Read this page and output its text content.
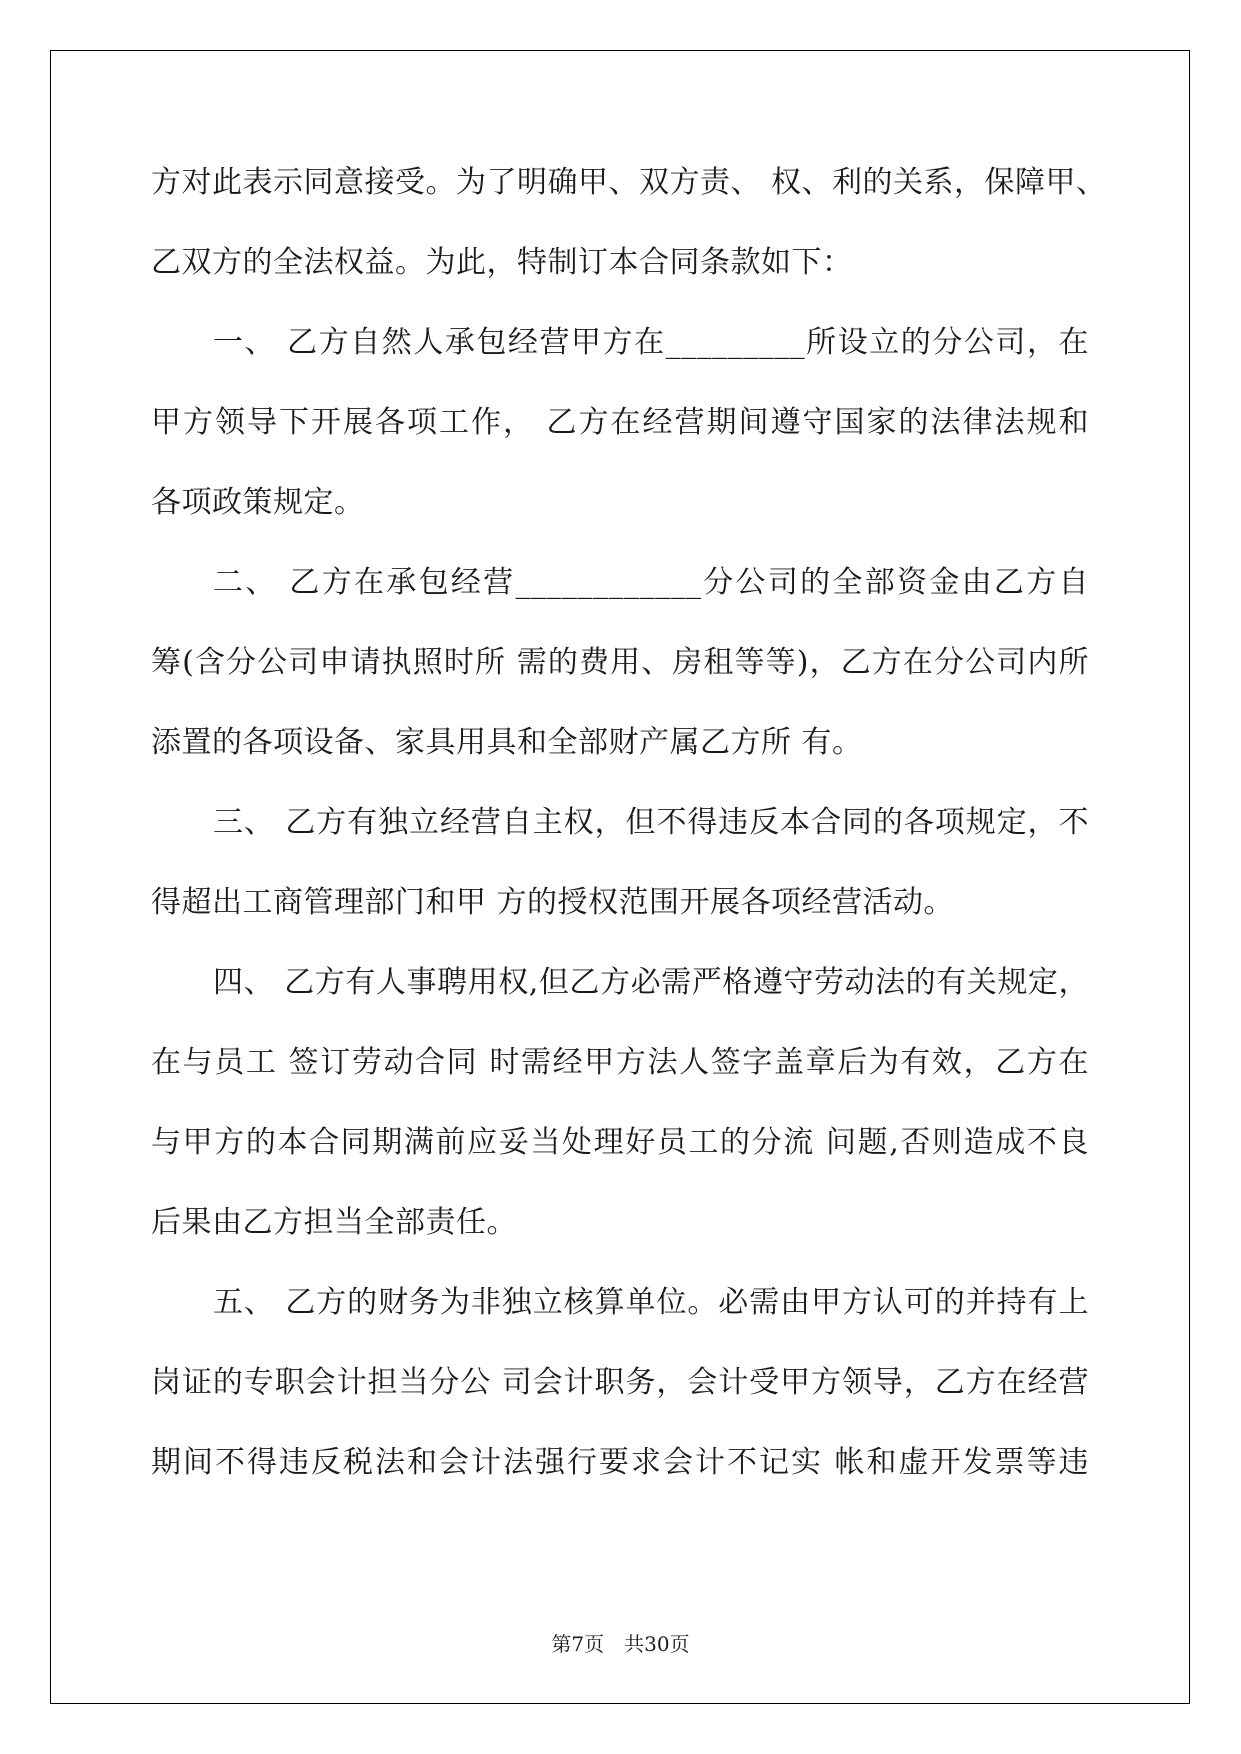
方对此表示同意接受。为了明确甲、双方责、 权、利的关系，保障甲、
乙双方的全法权益。为此，特制订本合同条款如下：
一、 乙方自然人承包经营甲方在_________所设立的分公司，在
甲方领导下开展各项工作， 乙方在经营期间遵守国家的法律法规和
各项政策规定。
二、 乙方在承包经营____________分公司的全部资金由乙方自
筹(含分公司申请执照时所 需的费用、房租等等)，乙方在分公司内所
添置的各项设备、家具用具和全部财产属乙方所 有。
三、 乙方有独立经营自主权，但不得违反本合同的各项规定，不
得超出工商管理部门和甲 方的授权范围开展各项经营活动。
四、 乙方有人事聘用权,但乙方必需严格遵守劳动法的有关规定，
在与员工 签订劳动合同 时需经甲方法人签字盖章后为有效，乙方在
与甲方的本合同期满前应妥当处理好员工的分流 问题,否则造成不良
后果由乙方担当全部责任。
五、 乙方的财务为非独立核算单位。必需由甲方认可的并持有上
岗证的专职会计担当分公 司会计职务，会计受甲方领导，乙方在经营
期间不得违反税法和会计法强行要求会计不记实 帐和虚开发票等违
第7页　共30页
